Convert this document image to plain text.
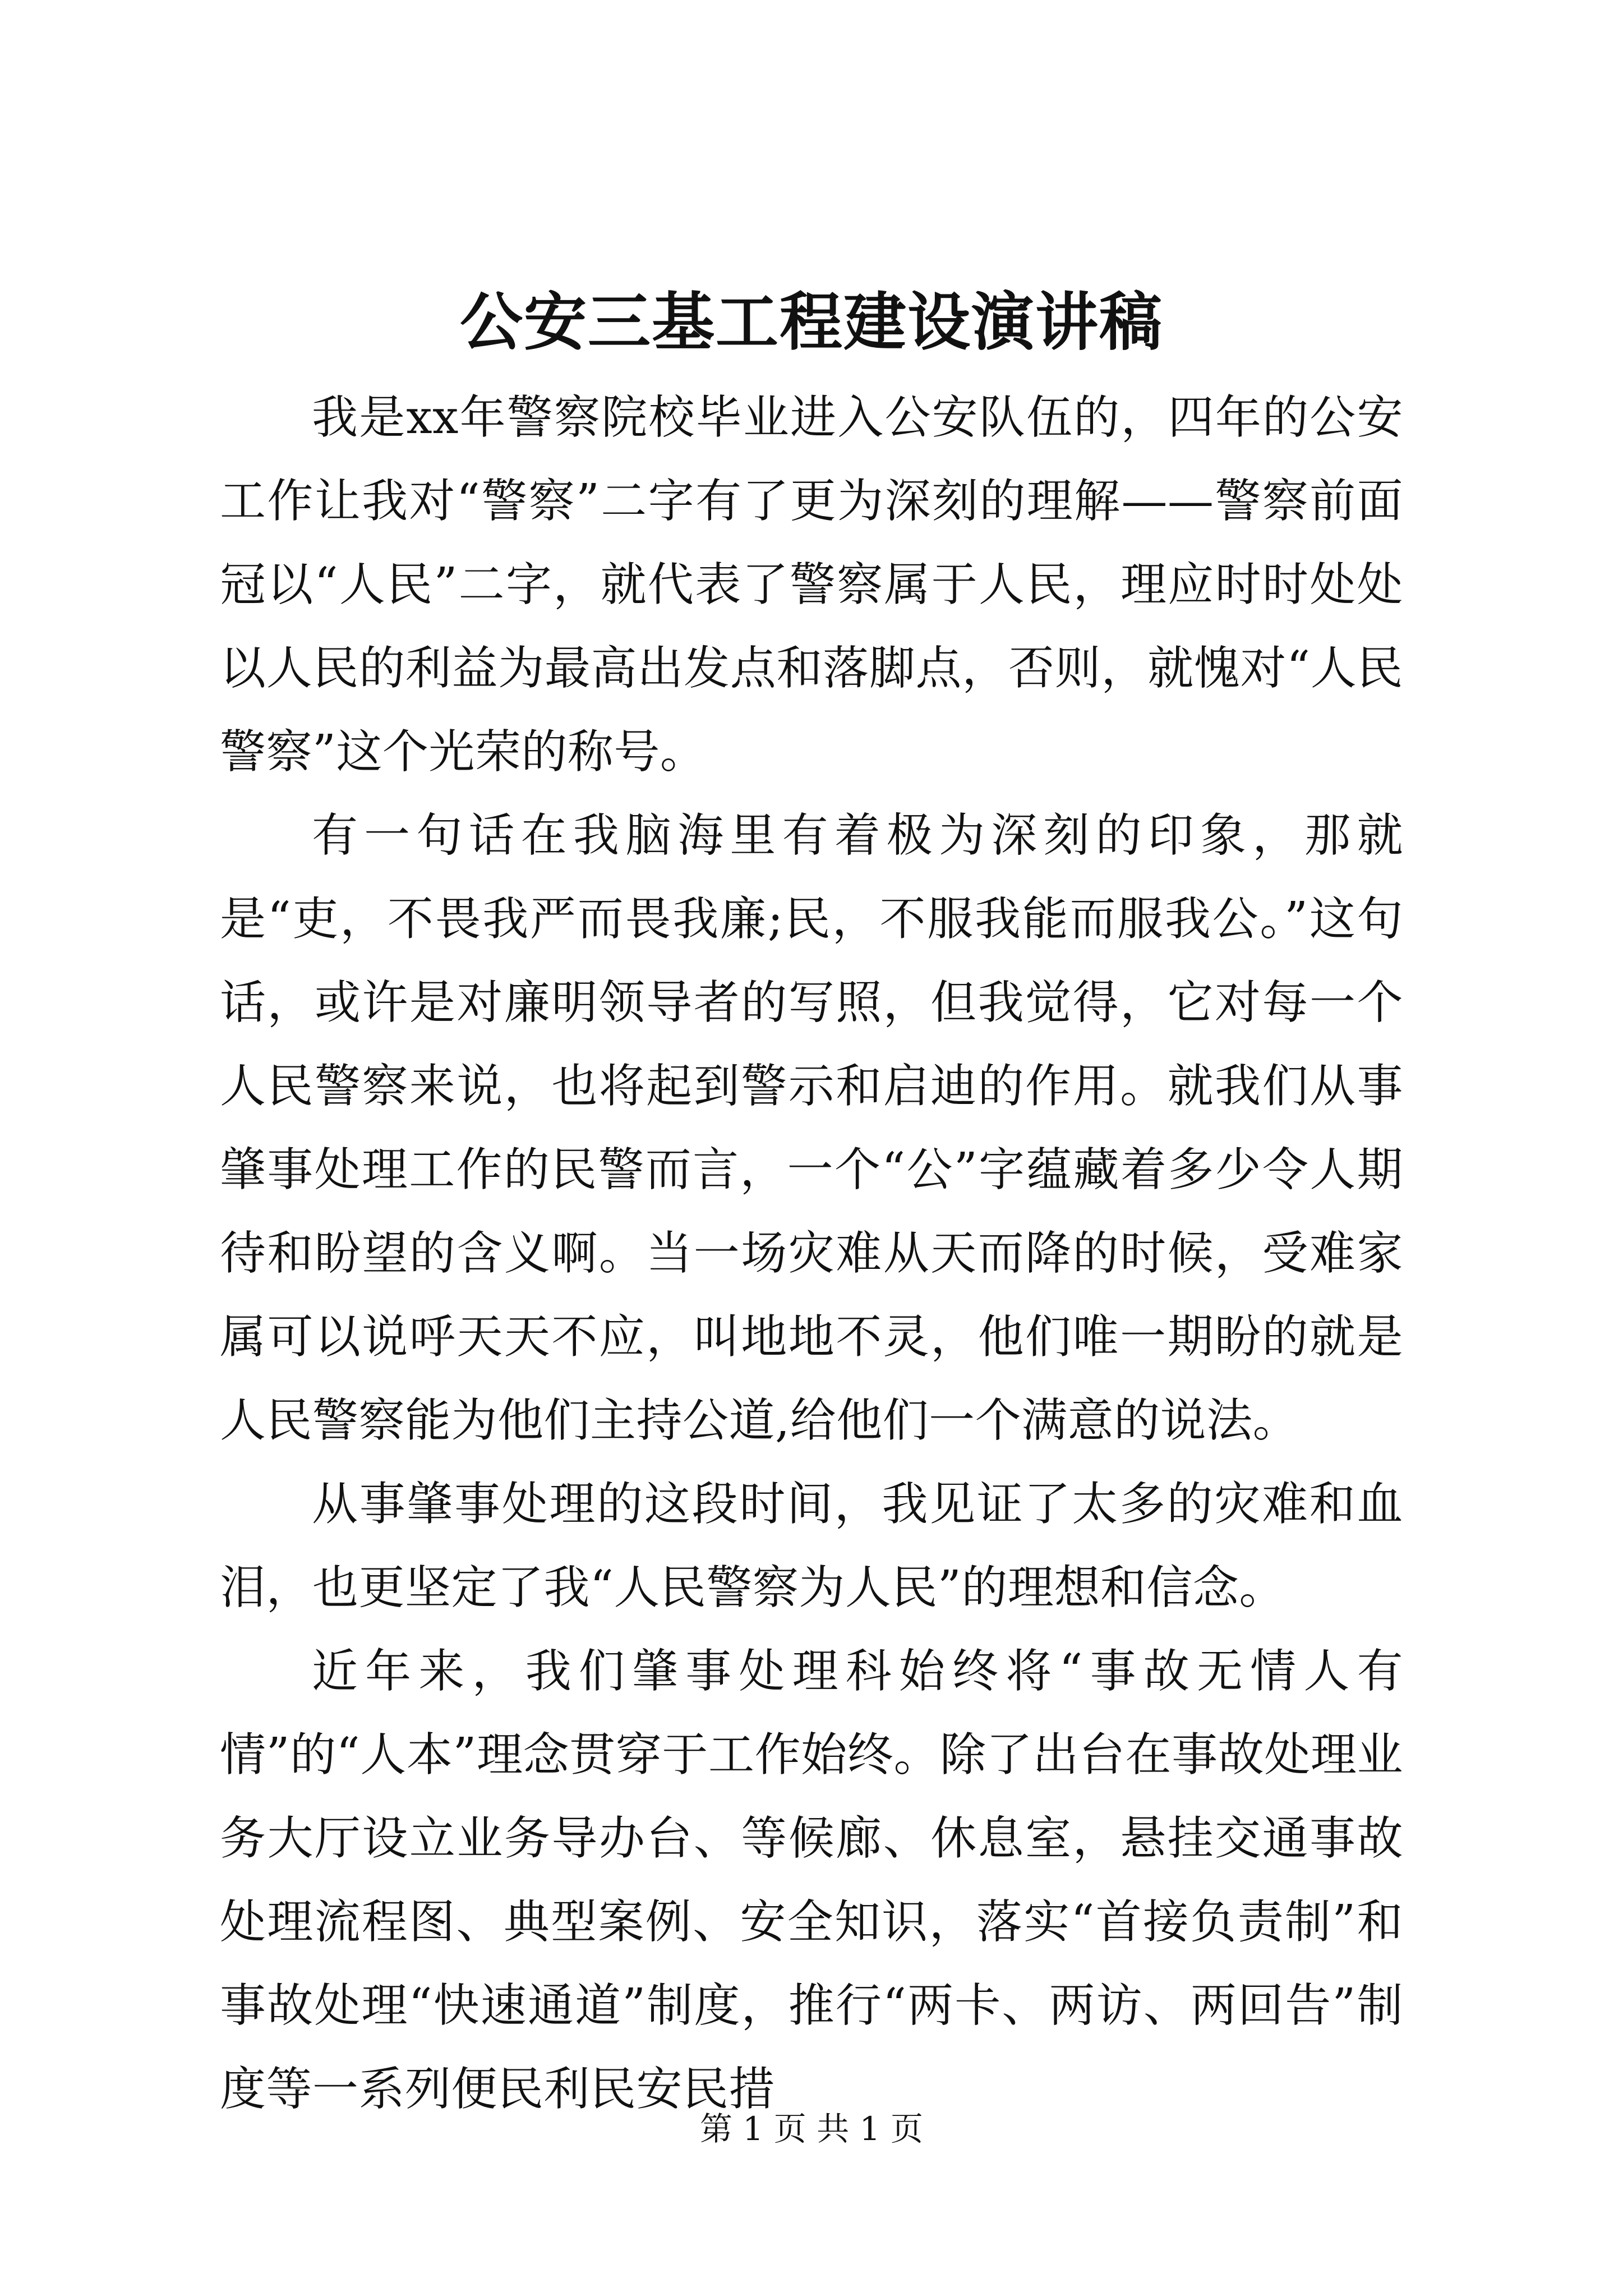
公安三基工程建设演讲稿

我是xx年警察院校毕业进入公安队伍的，四年的公安工作让我对“警察”二字有了更为深刻的理解——警察前面冠以“人民”二字，就代表了警察属于人民，理应时时处处以人民的利益为最高出发点和落脚点，否则，就愧对“人民警察”这个光荣的称号。

有一句话在我脑海里有着极为深刻的印象，那就是“吏，不畏我严而畏我廉;民，不服我能而服我公。”这句话，或许是对廉明领导者的写照，但我觉得，它对每一个人民警察来说，也将起到警示和启迪的作用。就我们从事肇事处理工作的民警而言，一个“公”字蕴藏着多少令人期待和盼望的含义啊。当一场灾难从天而降的时候，受难家属可以说呼天天不应，叫地地不灵，他们唯一期盼的就是人民警察能为他们主持公道,给他们一个满意的说法。

从事肇事处理的这段时间，我见证了太多的灾难和血泪，也更坚定了我“人民警察为人民”的理想和信念。

近年来，我们肇事处理科始终将“事故无情人有情”的“人本”理念贯穿于工作始终。除了出台在事故处理业务大厅设立业务导办台、等候廊、休息室，悬挂交通事故处理流程图、典型案例、安全知识，落实“首接负责制”和事故处理“快速通道”制度，推行“两卡、两访、两回告”制度等一系列便民利民安民措

第 1 页 共 1 页
